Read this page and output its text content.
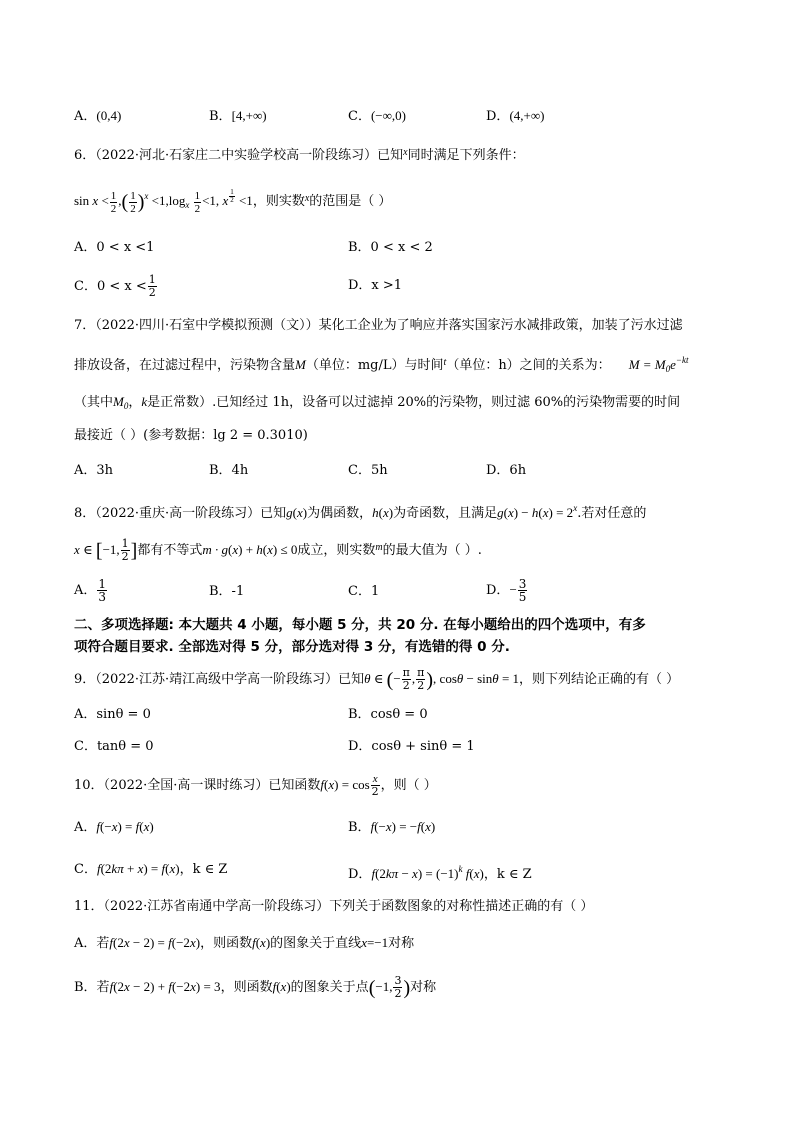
A．(0,4)	B．[4,+∞)	C．(−∞,0)	D．(4,+∞)
6．（2022·河北·石家庄二中实验学校高一阶段练习）已知$^x$同时满足下列条件：
$\sin x < \frac{1}{2}$ ,( $\frac{1}{2} )^x <1,\log_x \frac{1}{2} <1$, x $^{\frac{1}{2}}$ <1，则实数$^x$的范围是（ ）
A．0 < x <1	B．0 < x < 2
C．$0 < x < \frac{1}{2}$	D．x >1
7．（2022·四川·石室中学模拟预测（文））某化工企业为了响应并落实国家污水减排政策，加装了污水过滤
排放设备，在过滤过程中，污染物含量M（单位：mg/L）与时间$^t$（单位：h）之间的关系为： $M = M_0e^{-kt}$
（其中$M_0$，k是正常数）.已知经过 1h，设备可以过滤掉 20%的污染物，则过滤 60%的污染物需要的时间
最接近（ ）(参考数据：lg 2 = 0.3010)
A．3h	B．4h	C．5h	D．6h
8．（2022·重庆·高一阶段练习）已知g(x)为偶函数，h(x)为奇函数，且满足$g(x) - h(x) = 2^x$.若对任意的
x ∈ [−1, $\frac{1}{2}$ ]都有不等式m · g(x) + h(x) ≤ 0成立，则实数$^m$的最大值为（ ）.
A． $\frac{1}{3}$	B．-1	C．1	D．− $\frac{3}{5}$
二、多项选择题: 本大题共 4 小题，每小题 5 分，共 20 分. 在每小题给出的四个选项中，有多
项符合题目要求. 全部选对得 5 分，部分选对得 3 分，有选错的得 0 分.
9．（2022·江苏·靖江高级中学高一阶段练习）已知θ ∈ (− $\frac{\pi}{2}$ , $\frac{\pi}{2}$ ), cosθ − sinθ = 1，则下列结论正确的有（ ）
A．sinθ = 0	B．cosθ = 0
C．tanθ = 0	D．cosθ + sinθ = 1
10．（2022·全国·高一课时练习）已知函数$f(x) = \cos \frac{x}{2}$ ，则（ ）
A．f(−x) = f(x)	B．f(−x) = −f(x)
C．f(2kπ + x) = f(x)，k ∈ Z	D．$f(2k\pi - x) = (-1)^k$ f(x)，k ∈ Z
11．（2022·江苏省南通中学高一阶段练习）下列关于函数图象的对称性描述正确的有（ ）
A．若f(2x − 2) = f(−2x)，则函数f(x)的图象关于直线x=−1对称
B．若f(2x − 2) + f(−2x) = 3，则函数f(x)的图象关于点(−1, $\frac{3}{2}$ )对称
